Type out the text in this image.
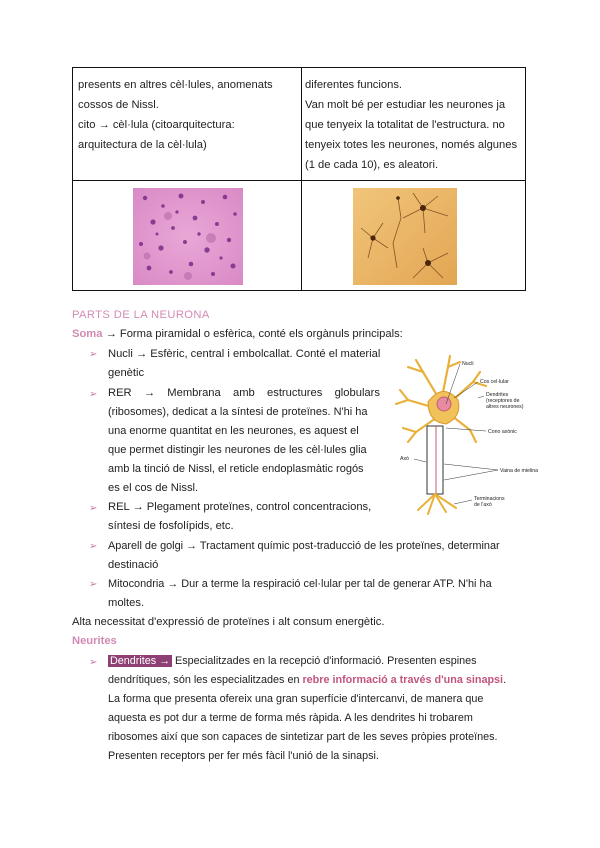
presents en altres cèl·lules, anomenats
cossos de Nissl.
cito → cèl·lula (citoarquitectura:
arquitectura de la cèl·lula)
diferentes funcions.
Van molt bé per estudiar les neurones ja
que tenyeix la totalitat de l'estructura. no
tenyeix totes les neurones, només algunes
(1 de cada 10), es aleatori.
PARTS DE LA NEURONA
Soma → Forma piramidal o esfèrica, conté els orgànuls principals:
➢ Nucli → Esfèric, central i embolcallat. Conté el material
genètic
➢ RER → Membrana amb estructures globulars
(ribosomes), dedicat a la síntesi de proteïnes. N'hi ha
una enorme quantitat en les neurones, es aquest el
que permet distingir les neurones de les cèl·lules glia
amb la tinció de Nissl, el reticle endoplasmàtic rogós
es el cos de Nissl.
➢ REL → Plegament proteïnes, control concentracions,
síntesi de fosfolípids, etc.
➢ Aparell de golgi → Tractament químic post-traducció de les proteïnes, determinar
destinació
➢ Mitocondria → Dur a terme la respiració cel·lular per tal de generar ATP. N'hi ha
moltes.
Alta necessitat d'expressió de proteïnes i alt consum energètic.
Neurites
➢ Dendrites → Especialitzades en la recepció d'informació. Presenten espines
dendrítiques, són les especialitzades en rebre informació a través d'una sinapsi.
La forma que presenta ofereix una gran superfície d'intercanvi, de manera que
aquesta es pot dur a terme de forma més ràpida. A les dendrites hi trobarem
ribosomes així que son capaces de sintetizar part de les seves pròpies proteïnes.
Presenten receptors per fer més fàcil l'unió de la sinapsi.
Nucli
Cos cel·lular
Dendrites
(receptores de
altres neurones)
Cono axònic
Axó
Vaina de mielina
Terminacions
de l'axó
